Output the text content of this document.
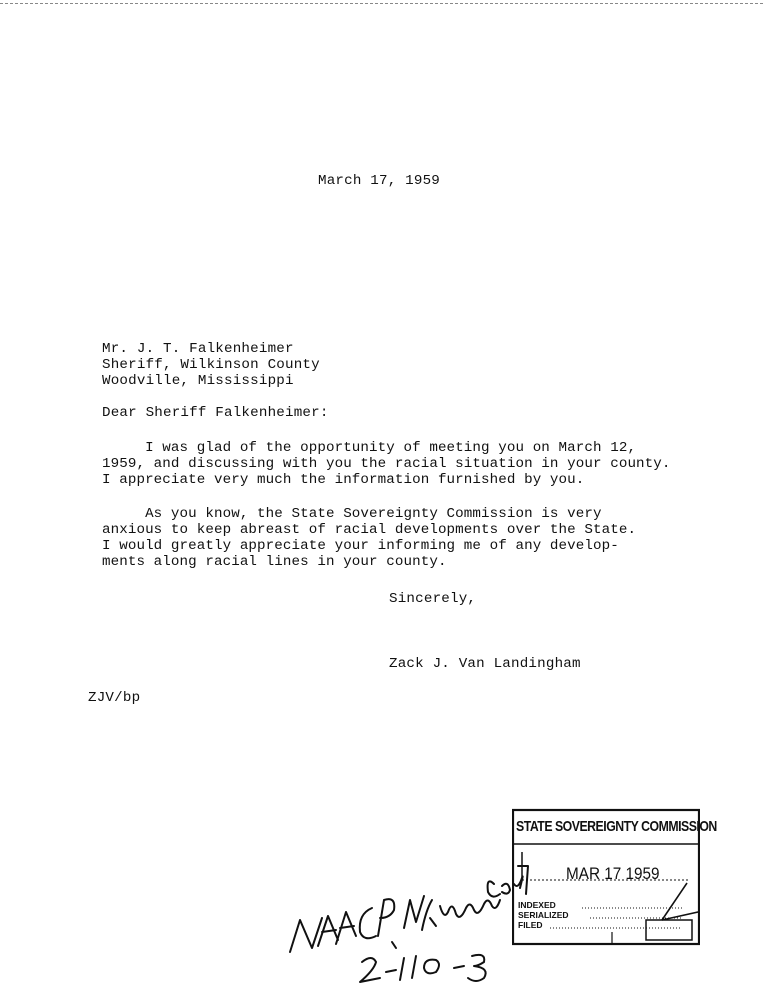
March 17, 1959
Mr. J. T. Falkenheimer
Sheriff, Wilkinson County
Woodville, Mississippi
Dear Sheriff Falkenheimer:
I was glad of the opportunity of meeting you on March 12,
1959, and discussing with you the racial situation in your county.
I appreciate very much the information furnished by you.
As you know, the State Sovereignty Commission is very
anxious to keep abreast of racial developments over the State.
I would greatly appreciate your informing me of any develop-
ments along racial lines in your county.
Sincerely,
Zack J. Van Landingham
ZJV/bp
STATE SOVEREIGNTY COMMISSION
MAR 17 1959
INDEXED
SERIALIZED
FILED
